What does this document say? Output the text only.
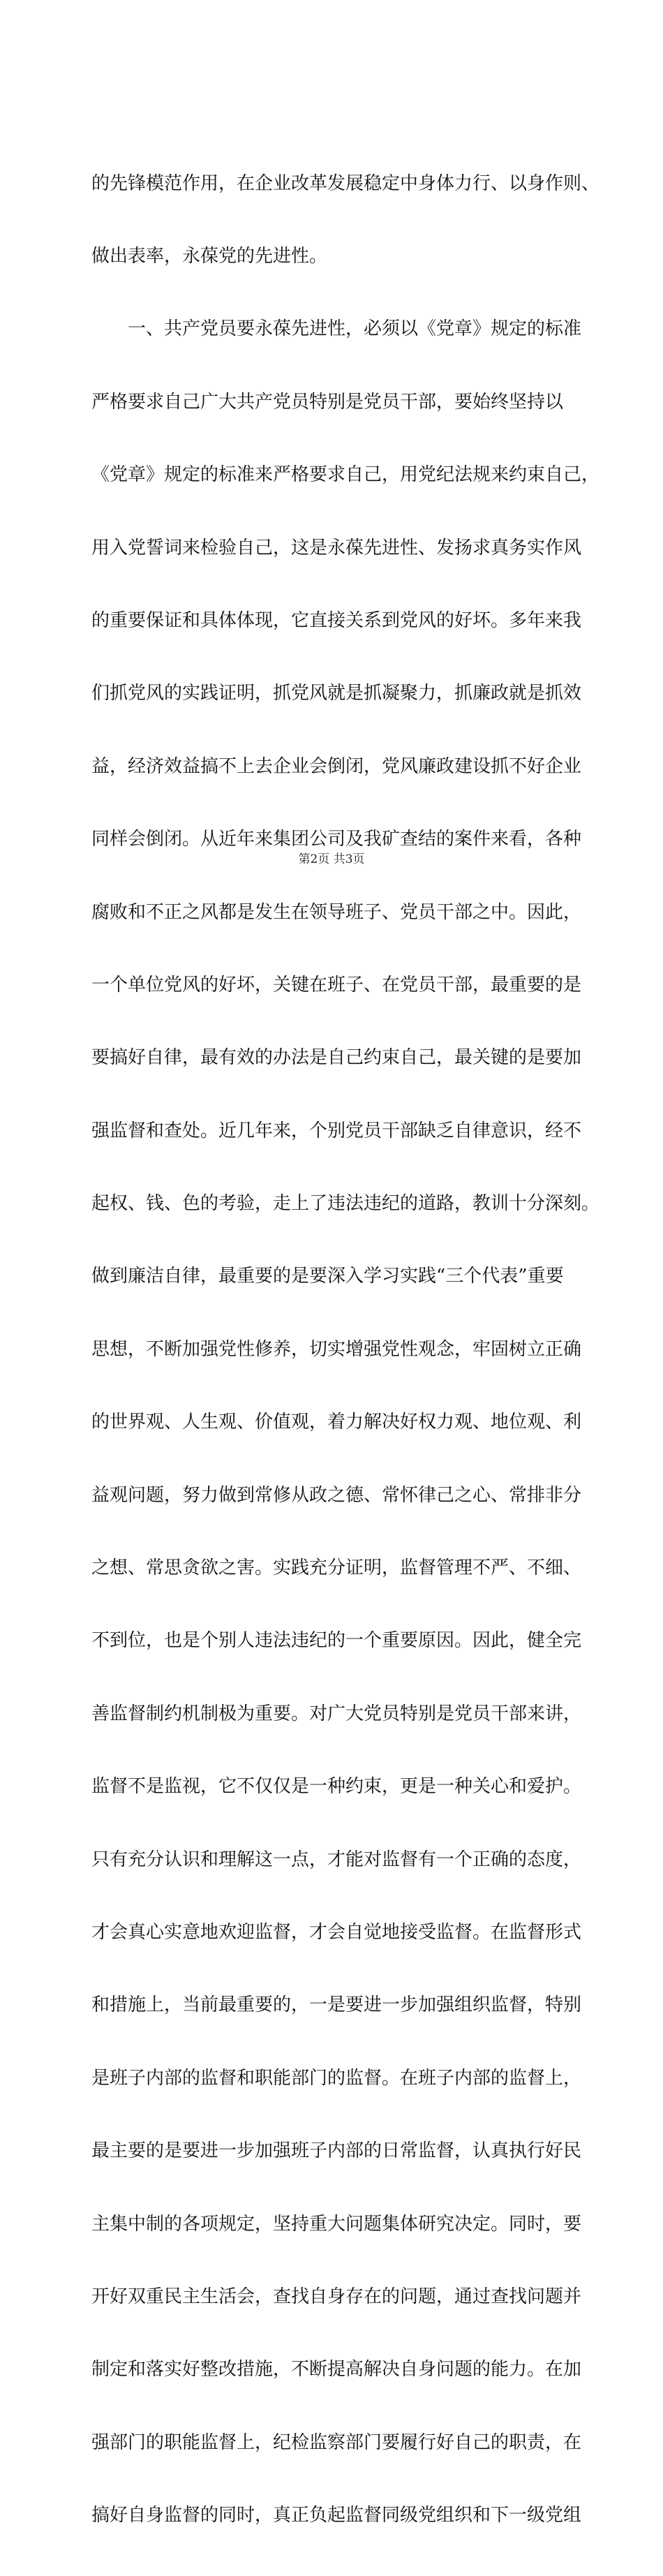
的先锋模范作用，在企业改革发展稳定中身体力行、以身作则、

做出表率，永葆党的先进性。

　　一、共产党员要永葆先进性，必须以《党章》规定的标准

严格要求自己广大共产党员特别是党员干部，要始终坚持以

《党章》规定的标准来严格要求自己，用党纪法规来约束自己，

用入党誓词来检验自己，这是永葆先进性、发扬求真务实作风

的重要保证和具体体现，它直接关系到党风的好坏。多年来我

们抓党风的实践证明，抓党风就是抓凝聚力，抓廉政就是抓效

益，经济效益搞不上去企业会倒闭，党风廉政建设抓不好企业

同样会倒闭。从近年来集团公司及我矿查结的案件来看，各种

腐败和不正之风都是发生在领导班子、党员干部之中。因此，

一个单位党风的好坏，关键在班子、在党员干部，最重要的是

要搞好自律，最有效的办法是自己约束自己，最关键的是要加

强监督和查处。近几年来，个别党员干部缺乏自律意识，经不

起权、钱、色的考验，走上了违法违纪的道路，教训十分深刻。

做到廉洁自律，最重要的是要深入学习实践“三个代表”重要

思想，不断加强党性修养，切实增强党性观念，牢固树立正确

的世界观、人生观、价值观，着力解决好权力观、地位观、利

益观问题，努力做到常修从政之德、常怀律己之心、常排非分

之想、常思贪欲之害。实践充分证明，监督管理不严、不细、

不到位，也是个别人违法违纪的一个重要原因。因此，健全完

善监督制约机制极为重要。对广大党员特别是党员干部来讲，

监督不是监视，它不仅仅是一种约束，更是一种关心和爱护。

只有充分认识和理解这一点，才能对监督有一个正确的态度，

才会真心实意地欢迎监督，才会自觉地接受监督。在监督形式

和措施上，当前最重要的，一是要进一步加强组织监督，特别

是班子内部的监督和职能部门的监督。在班子内部的监督上，

最主要的是要进一步加强班子内部的日常监督，认真执行好民

主集中制的各项规定，坚持重大问题集体研究决定。同时，要

开好双重民主生活会，查找自身存在的问题，通过查找问题并

制定和落实好整改措施，不断提高解决自身问题的能力。在加

强部门的职能监督上，纪检监察部门要履行好自己的职责，在

搞好自身监督的同时，真正负起监督同级党组织和下一级党组

第2页 共3页
